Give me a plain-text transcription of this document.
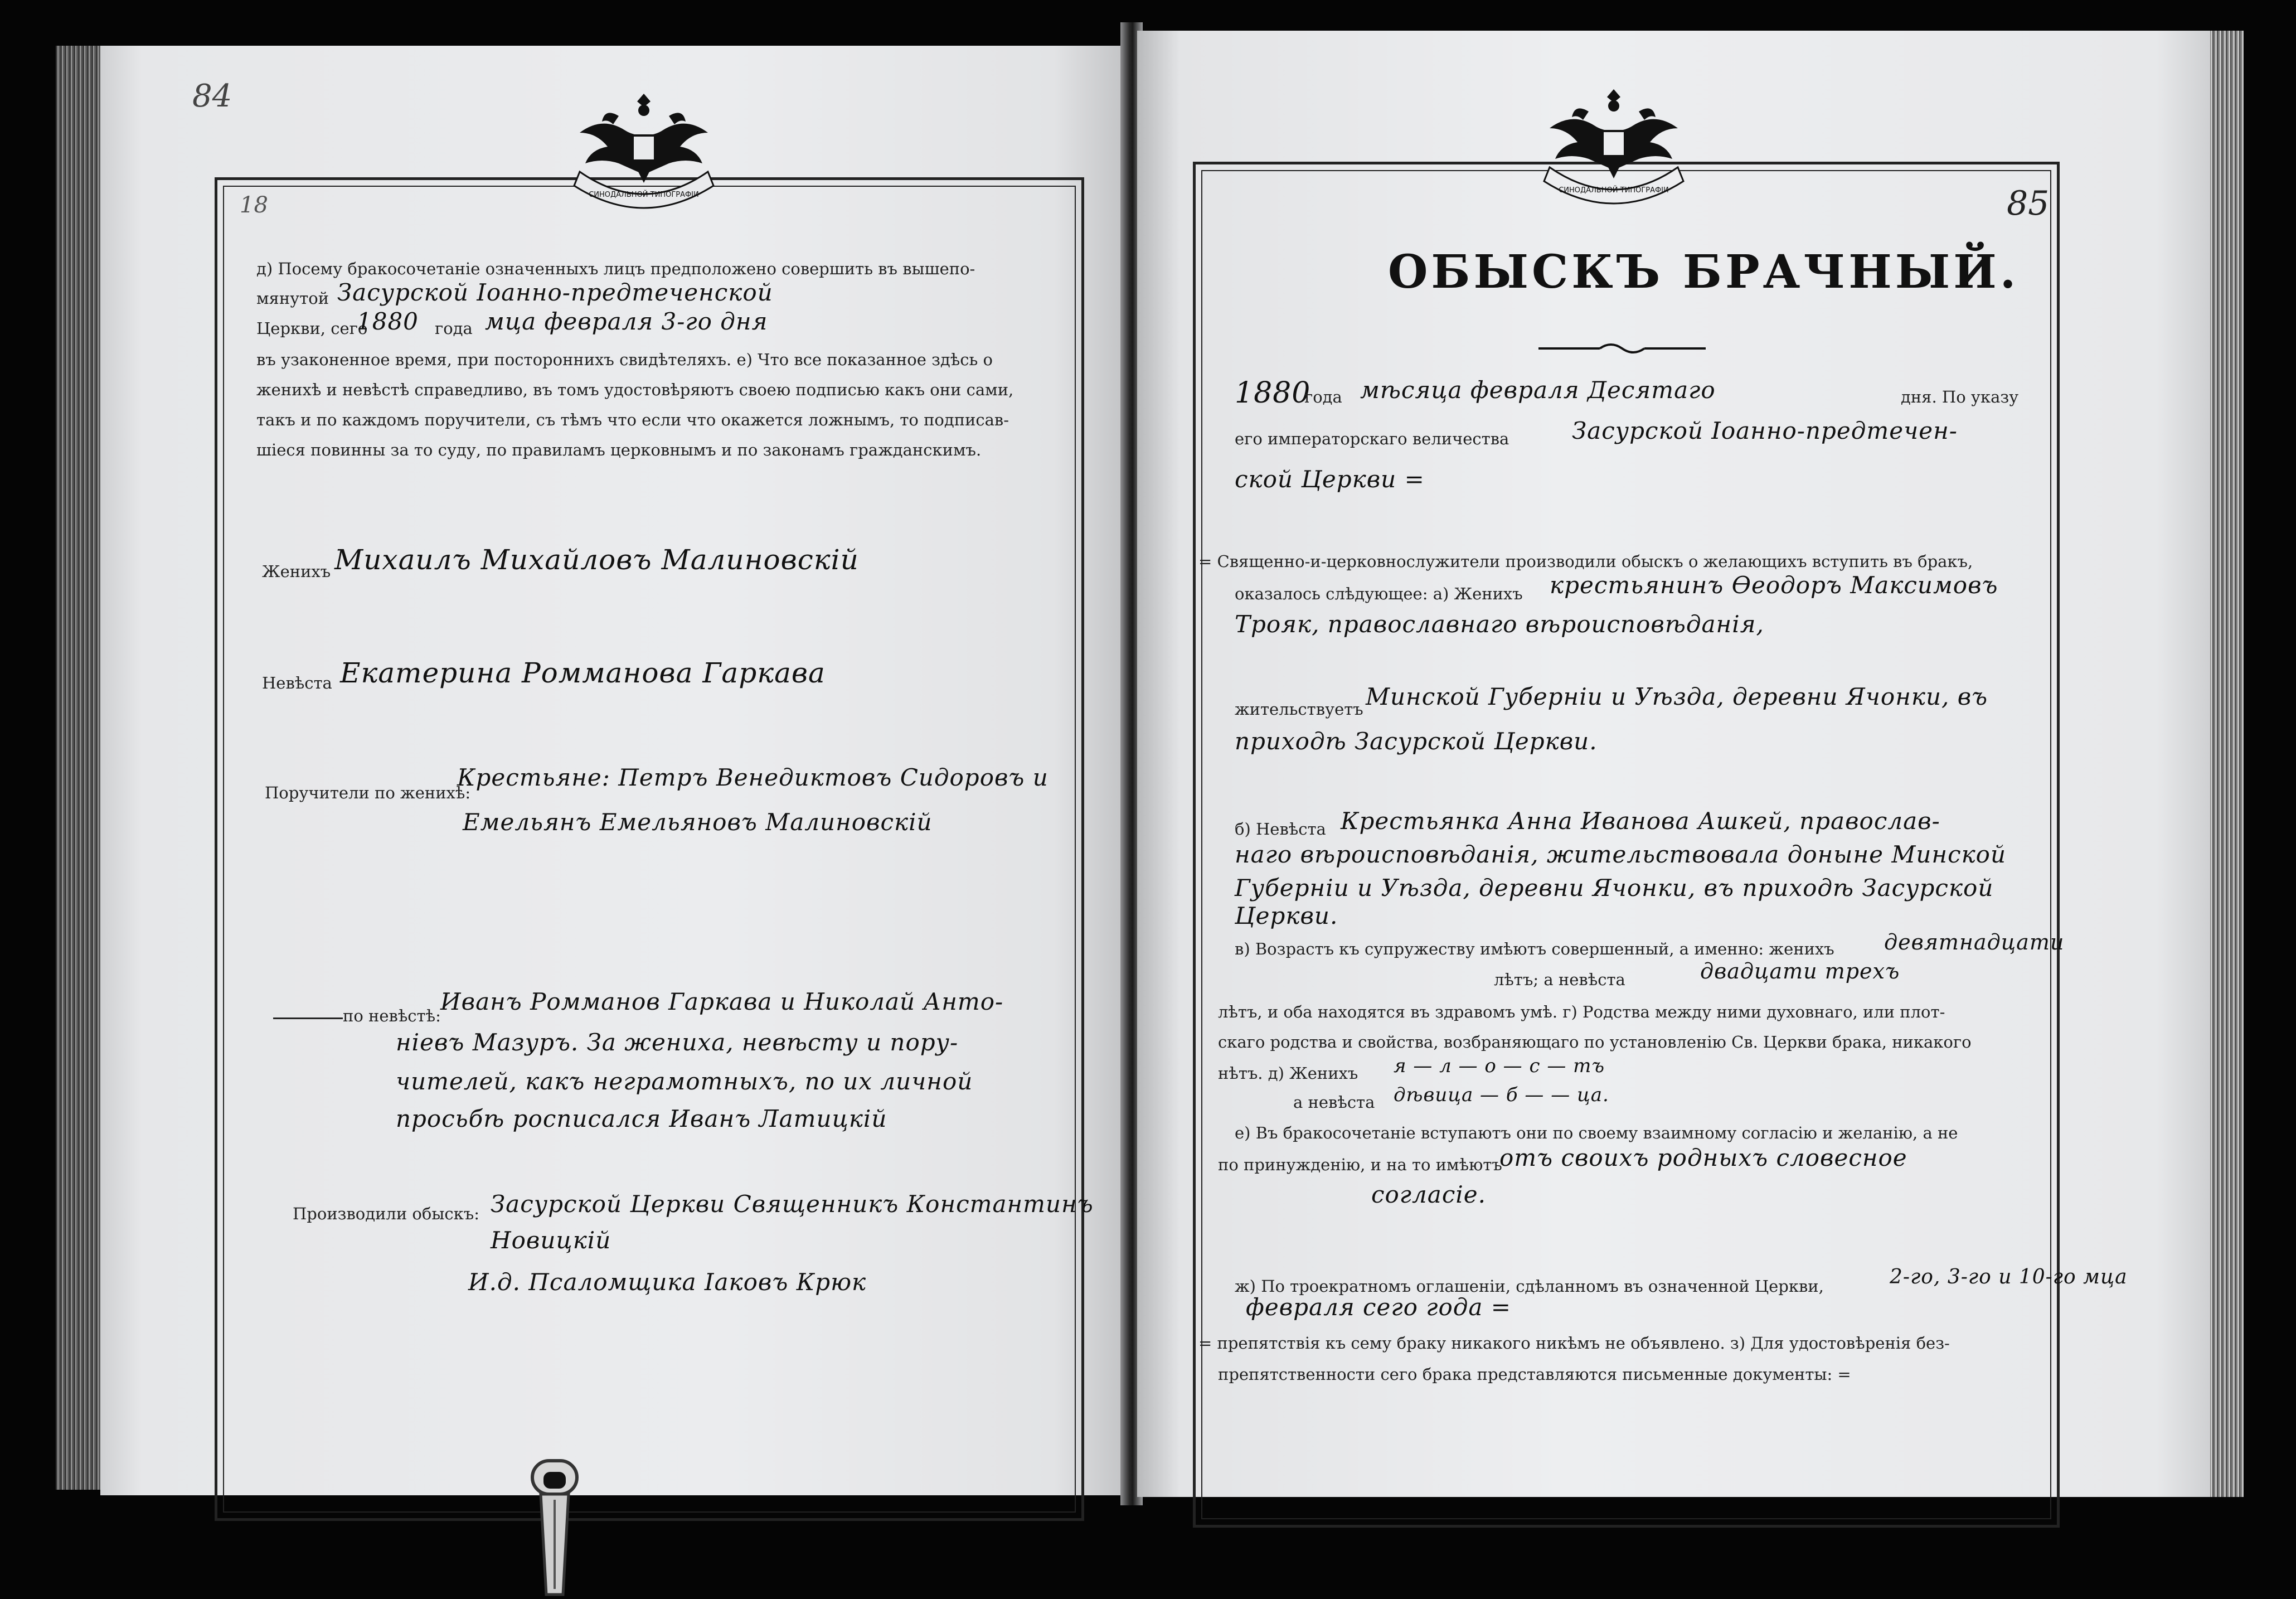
84
18	СИНОДАЛЬНОЙ ТИПОГРАФІИ
д) Посему бракосочетаніе означенныхъ лицъ предположено совершить въ вышепо-
мянутой Засурской Іоанно-предтеченской
Церкви, сего
1880 года мца февраля 3-го дня
въ узаконенное время, при постороннихъ свидѣтеляхъ. е) Что все показанное здѣсь о
женихѣ и невѣстѣ справедливо, въ томъ удостовѣряютъ своею подписью какъ они сами,
такъ и по каждомъ поручители, съ тѣмъ что если что окажется ложнымъ, то подписав-
шіеся повинны за то суду, по правиламъ церковнымъ и по законамъ гражданскимъ.
Женихъ Михаилъ Михайловъ Малиновскій
Невѣста Екатерина Ромманова Гаркава
Поручители по женихѣ:
Крестьяне: Петръ Венедиктовъ Сидоровъ и
Емельянъ Емельяновъ Малиновскій
по невѣстѣ:
Иванъ Ромманов Гаркава и Николай Анто-
ніевъ Мазуръ. За жениха, невѣсту и пору-
чителей, какъ неграмотныхъ, по их личной
просьбѣ росписался Иванъ Латицкій
Производили обыскъ: Засурской Церкви Священникъ Константинъ
Новицкій
И.д. Псаломщика Іаковъ Крюк
СИНОДАЛЬНОЙ ТИПОГРАФІИ	85
ОБЫСКЪ БРАЧНЫЙ.
1880
года мѣсяца февраля Десятаго	дня. По указу
его императорскаго величества	Засурской Іоанно-предтечен-
ской Церкви =
= Священно-и-церковнослужители производили обыскъ о желающихъ вступить въ бракъ,
оказалось слѣдующее: а) Женихъ крестьянинъ Ѳеодоръ Максимовъ
Трояк, православнаго вѣроисповѣданія,
жительствуетъ Минской Губерніи и Уѣзда, деревни Ячонки, въ
приходѣ Засурской Церкви.
б) Невѣста Крестьянка Анна Иванова Ашкей, православ-
наго вѣроисповѣданія, жительствовала доныне Минской
Губерніи и Уѣзда, деревни Ячонки, въ приходѣ Засурской
Церкви.
в) Возрастъ къ супружеству имѣютъ совершенный, а именно: женихъ девятнадцати
лѣтъ; а невѣста	двадцати трехъ
лѣтъ, и оба находятся въ здравомъ умѣ. г) Родства между ними духовнаго, или плот-
скаго родства и свойства, возбраняющаго по установленію Св. Церкви брака, никакого
нѣтъ. д) Женихъ я — л — о — с — тъ
а невѣста дѣвица — б — — ца.
е) Въ бракосочетаніе вступаютъ они по своему взаимному согласію и желанію, а не
по принужденію, и на то имѣютъ
отъ своихъ родныхъ словесное
согласіе.
ж) По троекратномъ оглашеніи, сдѣланномъ въ означенной Церкви,	2-го, 3-го и 10-го мца
февраля сего года =
= препятствія къ сему браку никакого никѣмъ не объявлено. з) Для удостовѣренія без-
препятственности сего брака представляются письменные документы: =
